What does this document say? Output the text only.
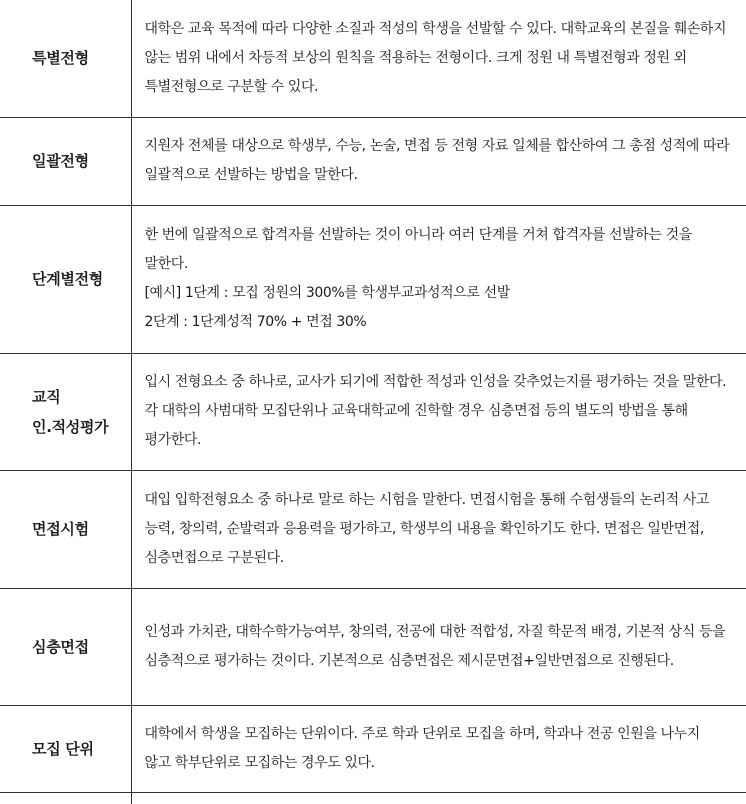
특별전형	대학은 교육 목적에 따라 다양한 소질과 적성의 학생을 선발할 수 있다. 대학교육의 본질을 훼손하지 않는 범위 내에서 차등적 보상의 원칙을 적용하는 전형이다. 크게 정원 내 특별전형과 정원 외 특별전형으로 구분할 수 있다.

일괄전형	지원자 전체를 대상으로 학생부, 수능, 논술, 면접 등 전형 자료 일체를 합산하여 그 총점 성적에 따라 일괄적으로 선발하는 방법을 말한다.

단계별전형	한 번에 일괄적으로 합격자를 선발하는 것이 아니라 여러 단계를 거쳐 합격자를 선발하는 것을 말한다.
[예시] 1단계 : 모집 정원의 300%를 학생부교과성적으로 선발
2단계 : 1단계성적 70% + 면접 30%

교직
인.적성평가	입시 전형요소 중 하나로, 교사가 되기에 적합한 적성과 인성을 갖추었는지를 평가하는 것을 말한다. 각 대학의 사범대학 모집단위나 교육대학교에 진학할 경우 심층면접 등의 별도의 방법을 통해 평가한다.

면접시험	대입 입학전형요소 중 하나로 말로 하는 시험을 말한다. 면접시험을 통해 수험생들의 논리적 사고 능력, 창의력, 순발력과 응용력을 평가하고, 학생부의 내용을 확인하기도 한다. 면접은 일반면접, 심층면접으로 구분된다.

심층면접	인성과 가치관, 대학수학가능여부, 창의력, 전공에 대한 적합성, 자질 학문적 배경, 기본적 상식 등을 심층적으로 평가하는 것이다. 기본적으로 심층면접은 제시문면접+일반면접으로 진행된다.

모집 단위	대학에서 학생을 모집하는 단위이다. 주로 학과 단위로 모집을 하며, 학과나 전공 인원을 나누지 않고 학부단위로 모집하는 경우도 있다.
